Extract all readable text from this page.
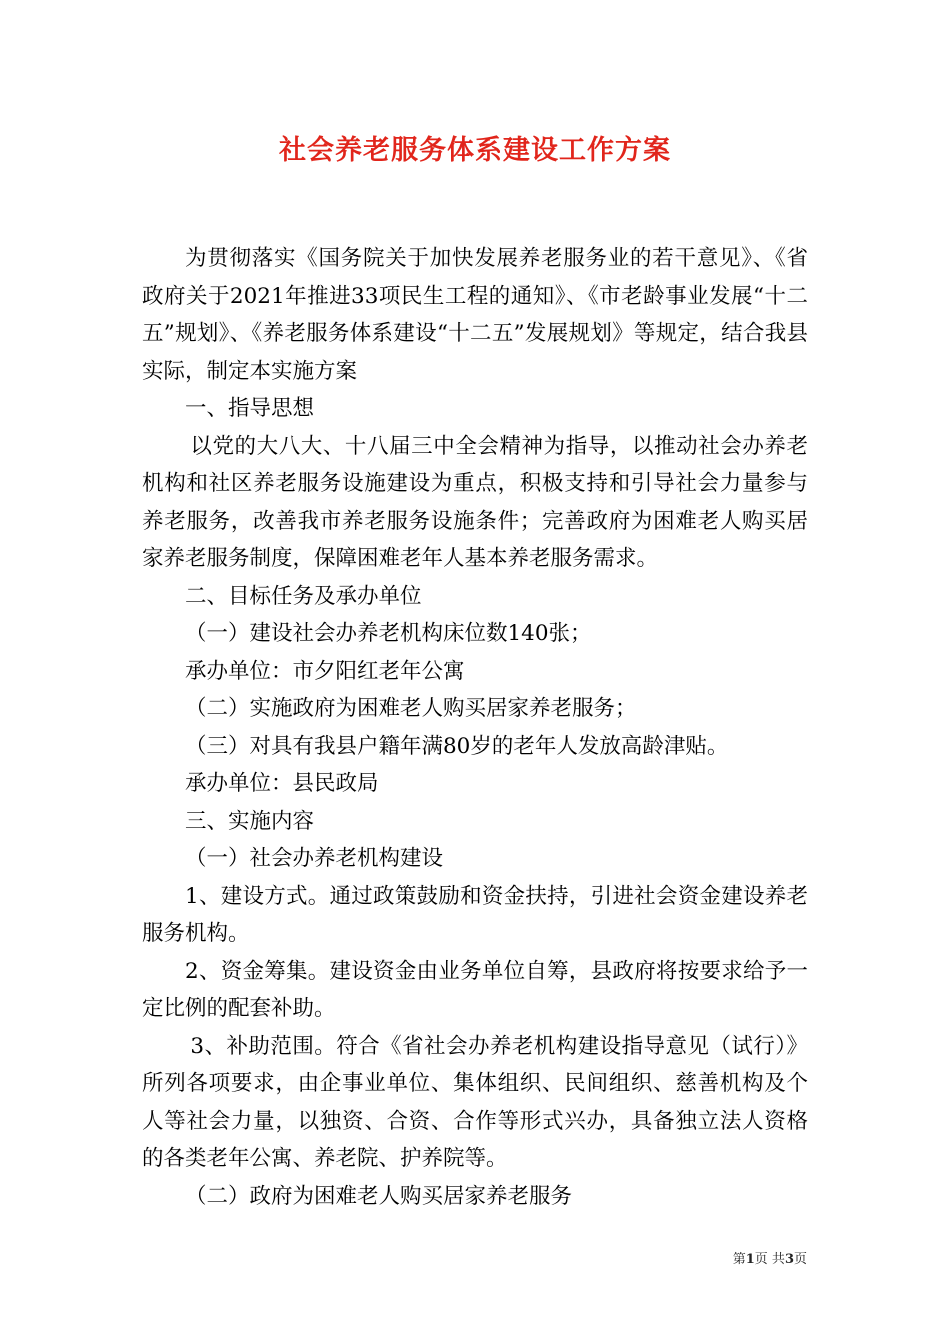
社会养老服务体系建设工作方案

为贯彻落实《国务院关于加快发展养老服务业的若干意见》、《省政府关于2021年推进33项民生工程的通知》、《市老龄事业发展“十二五”规划》、《养老服务体系建设“十二五”发展规划》等规定，结合我县实际，制定本实施方案

一、指导思想

以党的大八大、十八届三中全会精神为指导，以推动社会办养老机构和社区养老服务设施建设为重点，积极支持和引导社会力量参与养老服务，改善我市养老服务设施条件；完善政府为困难老人购买居家养老服务制度，保障困难老年人基本养老服务需求。

二、目标任务及承办单位

（一）建设社会办养老机构床位数140张；

承办单位：市夕阳红老年公寓

（二）实施政府为困难老人购买居家养老服务；

（三）对具有我县户籍年满80岁的老年人发放高龄津贴。

承办单位：县民政局

三、实施内容

（一）社会办养老机构建设

1、建设方式。通过政策鼓励和资金扶持，引进社会资金建设养老服务机构。

2、资金筹集。建设资金由业务单位自筹，县政府将按要求给予一定比例的配套补助。

3、补助范围。符合《省社会办养老机构建设指导意见（试行）》所列各项要求，由企事业单位、集体组织、民间组织、慈善机构及个人等社会力量，以独资、合资、合作等形式兴办，具备独立法人资格的各类老年公寓、养老院、护养院等。

（二）政府为困难老人购买居家养老服务

第1页 共3页
